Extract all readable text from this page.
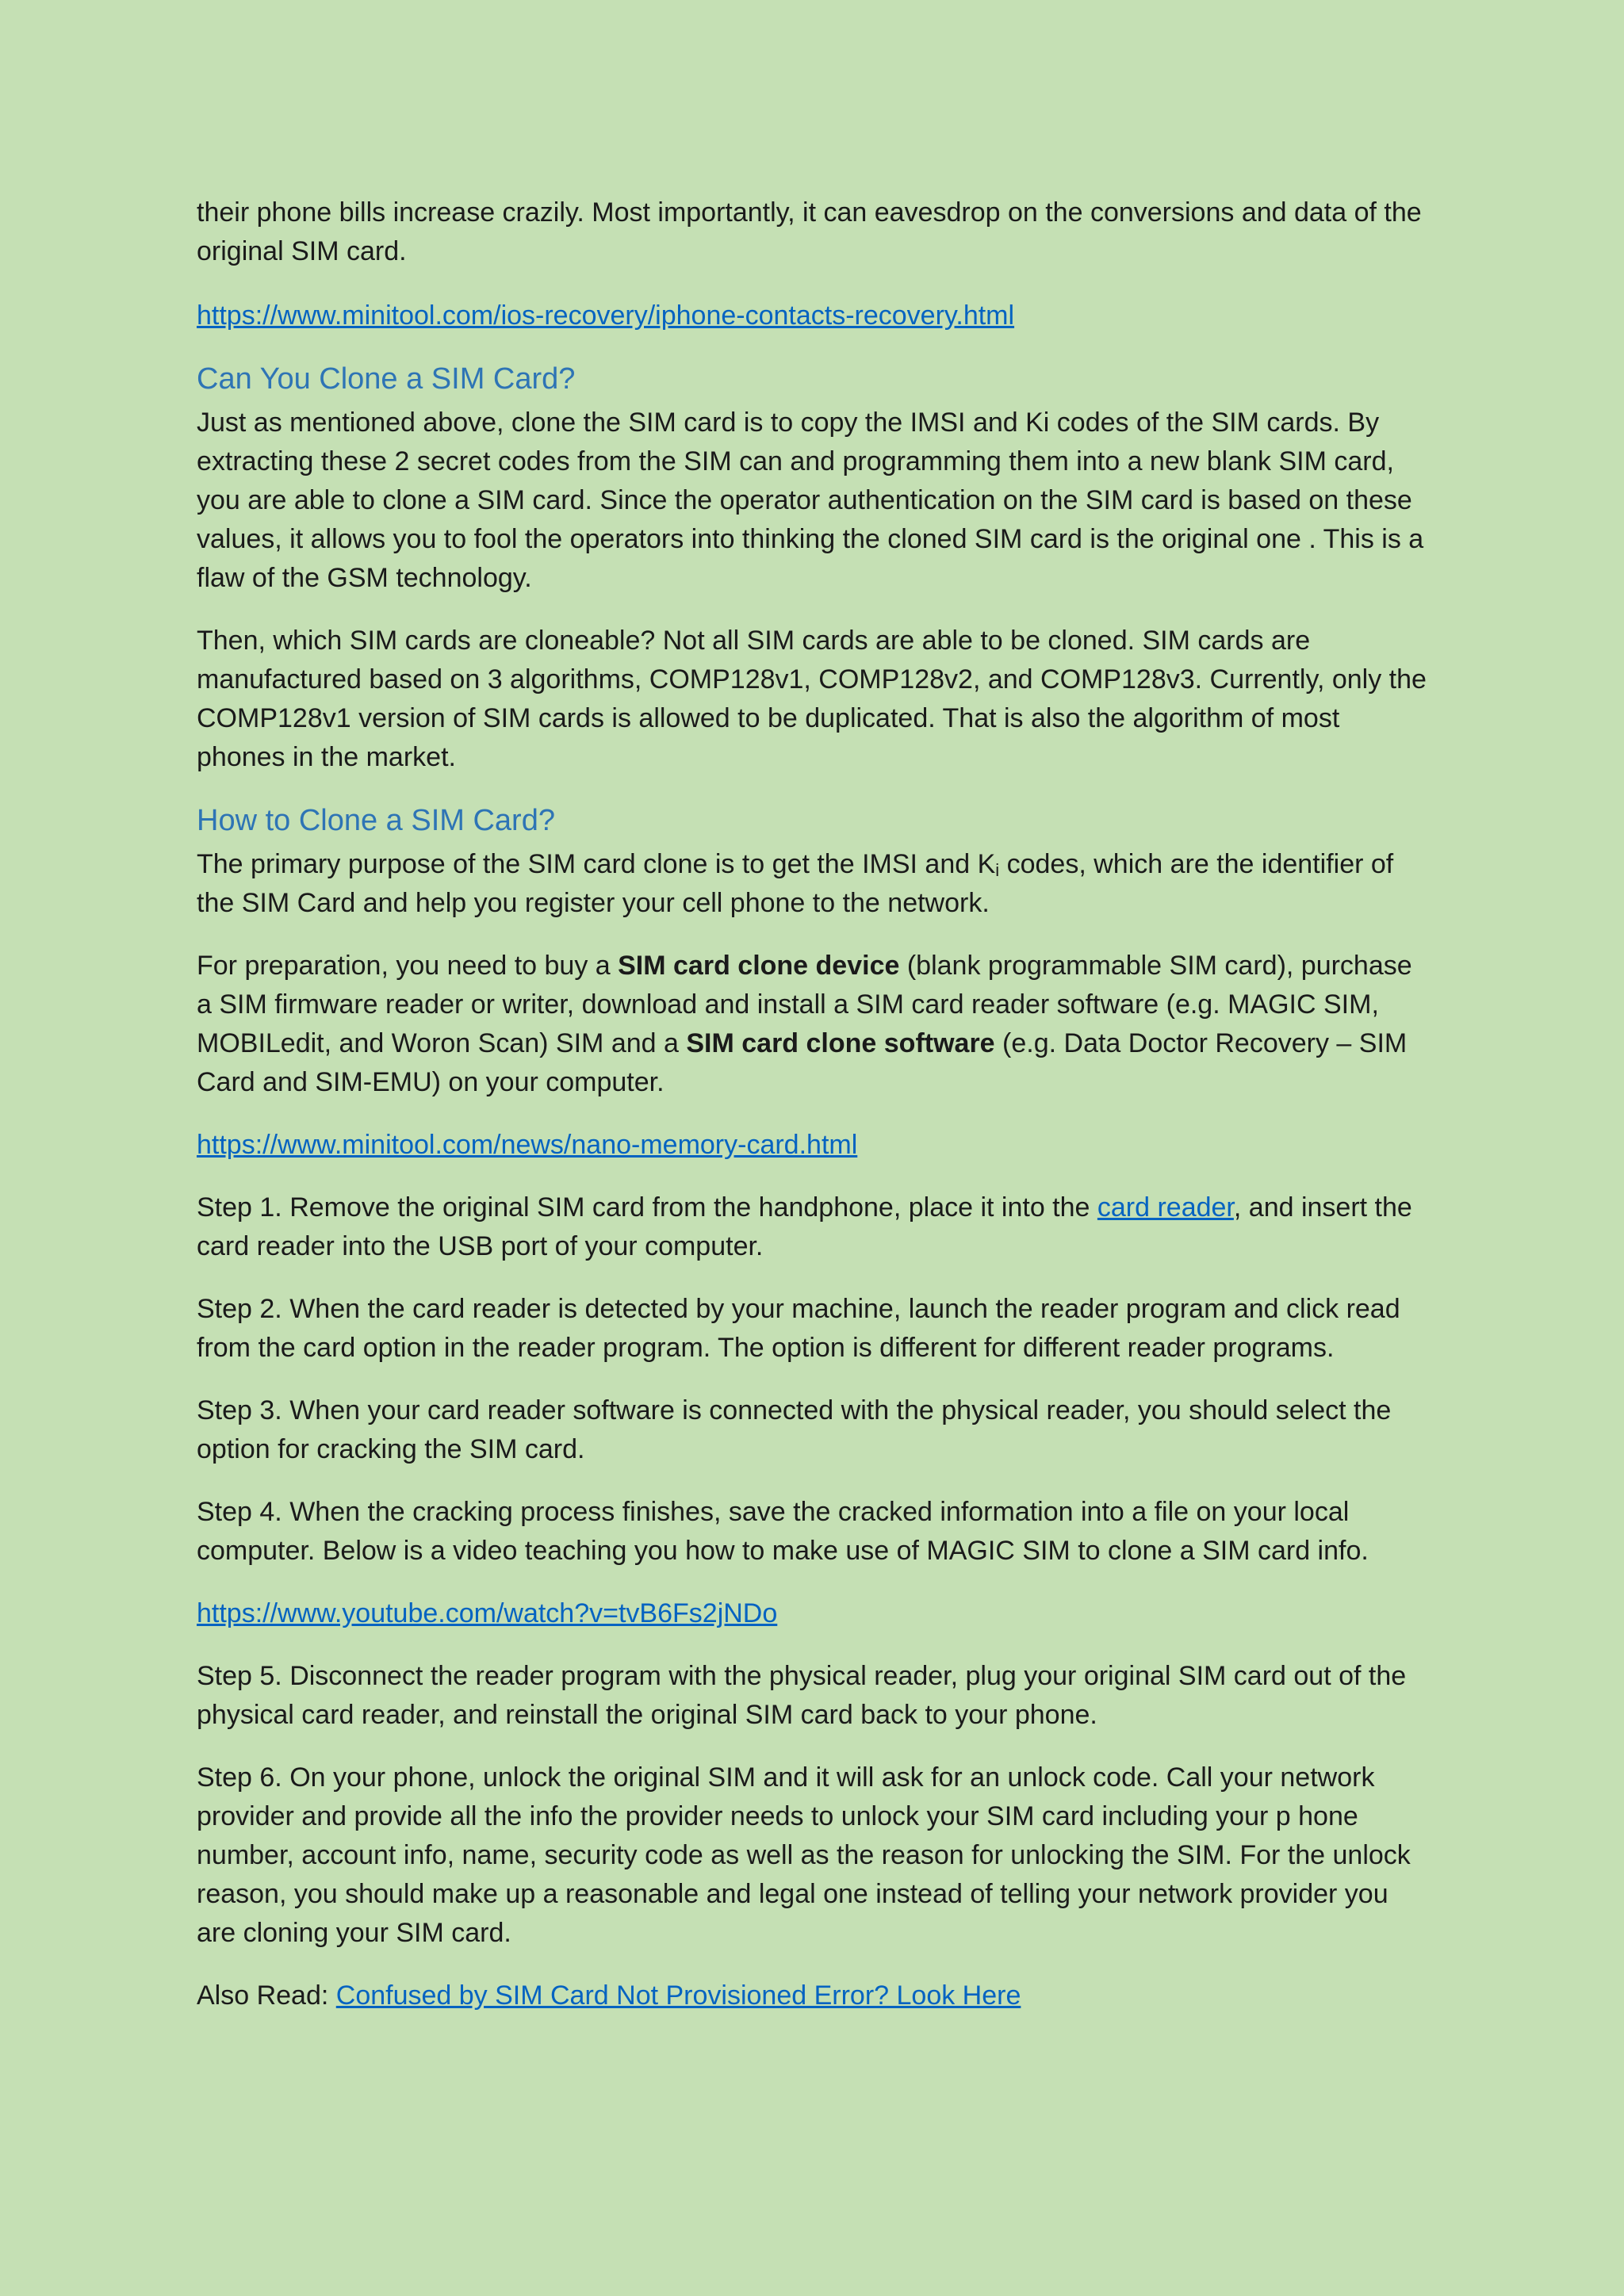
their phone bills increase crazily. Most importantly, it can eavesdrop on the conversions and data of the original SIM card.

https://www.minitool.com/ios-recovery/iphone-contacts-recovery.html

Can You Clone a SIM Card?

Just as mentioned above, clone the SIM card is to copy the IMSI and Ki codes of the SIM cards. By extracting these 2 secret codes from the SIM can and programming them into a new blank SIM card, you are able to clone a SIM card. Since the operator authentication on the SIM card is based on these values, it allows you to fool the operators into thinking the cloned SIM card is the original one . This is a flaw of the GSM technology.

Then, which SIM cards are cloneable? Not all SIM cards are able to be cloned. SIM cards are manufactured based on 3 algorithms, COMP128v1, COMP128v2, and COMP128v3. Currently, only the COMP128v1 version of SIM cards is allowed to be duplicated. That is also the algorithm of most phones in the market.

How to Clone a SIM Card?

The primary purpose of the SIM card clone is to get the IMSI and $K_i$ codes, which are the identifier of the SIM Card and help you register your cell phone to the network.

For preparation, you need to buy a SIM card clone device (blank programmable SIM card), purchase a SIM firmware reader or writer, download and install a SIM card reader software (e.g. MAGIC SIM, MOBILedit, and Woron Scan) SIM and a SIM card clone software (e.g. Data Doctor Recovery – SIM Card and SIM-EMU) on your computer.

https://www.minitool.com/news/nano-memory-card.html

Step 1. Remove the original SIM card from the handphone, place it into the card reader, and insert the card reader into the USB port of your computer.

Step 2. When the card reader is detected by your machine, launch the reader program and click read from the card option in the reader program. The option is different for different reader programs.

Step 3. When your card reader software is connected with the physical reader, you should select the option for cracking the SIM card.

Step 4. When the cracking process finishes, save the cracked information into a file on your local computer. Below is a video teaching you how to make use of MAGIC SIM to clone a SIM card info.

https://www.youtube.com/watch?v=tvB6Fs2jNDo

Step 5. Disconnect the reader program with the physical reader, plug your original SIM card out of the physical card reader, and reinstall the original SIM card back to your phone.

Step 6. On your phone, unlock the original SIM and it will ask for an unlock code. Call your network provider and provide all the info the provider needs to unlock your SIM card including your p hone number, account info, name, security code as well as the reason for unlocking the SIM. For the unlock reason, you should make up a reasonable and legal one instead of telling your network provider you are cloning your SIM card.

Also Read: Confused by SIM Card Not Provisioned Error? Look Here
